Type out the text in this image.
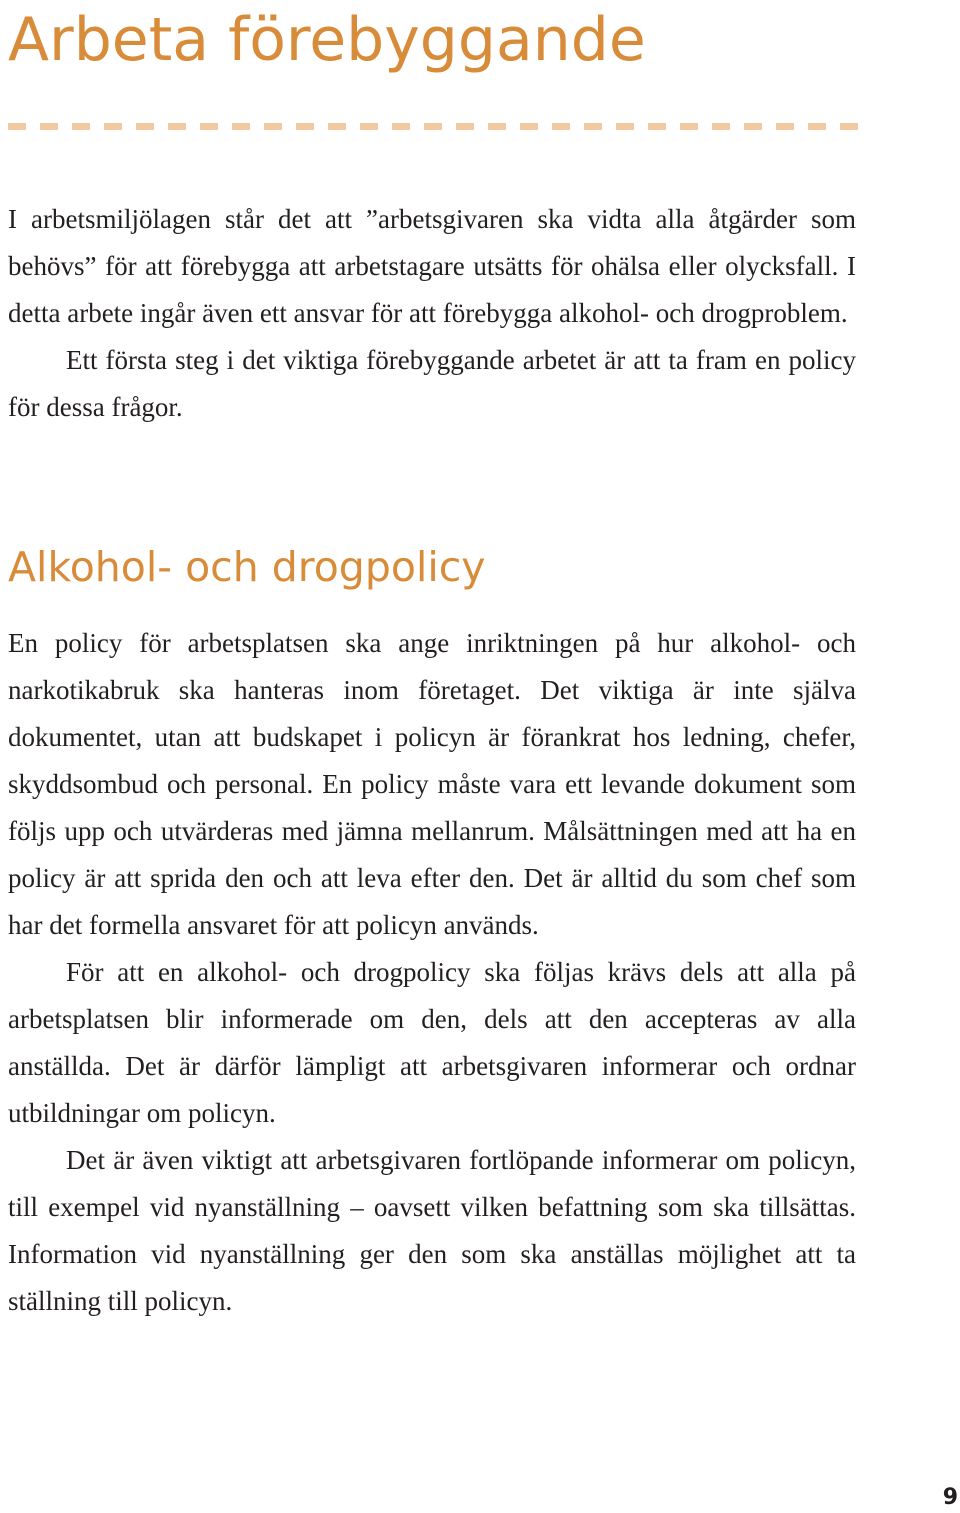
Arbeta förebyggande

I arbetsmiljölagen står det att ”arbetsgivaren ska vidta alla åtgärder som behövs” för att förebygga att arbetstagare utsätts för ohälsa eller olycksfall. I detta arbete ingår även ett ansvar för att förebygga alkohol- och drogproblem.

Ett första steg i det viktiga förebyggande arbetet är att ta fram en policy för dessa frågor.

Alkohol- och drogpolicy

En policy för arbetsplatsen ska ange inriktningen på hur alkohol- och narkotikabruk ska hanteras inom företaget. Det viktiga är inte själva dokumentet, utan att budskapet i policyn är förankrat hos ledning, chefer, skyddsombud och personal. En policy måste vara ett levande dokument som följs upp och utvärderas med jämna mellanrum. Målsättningen med att ha en policy är att sprida den och att leva efter den. Det är alltid du som chef som har det formella ansvaret för att policyn används.

För att en alkohol- och drogpolicy ska följas krävs dels att alla på arbetsplatsen blir informerade om den, dels att den accepteras av alla anställda. Det är därför lämpligt att arbetsgivaren informerar och ordnar utbildningar om policyn.

Det är även viktigt att arbetsgivaren fortlöpande informerar om policyn, till exempel vid nyanställning – oavsett vilken befattning som ska tillsättas. Information vid nyanställning ger den som ska anställas möjlighet att ta ställning till policyn.

9
